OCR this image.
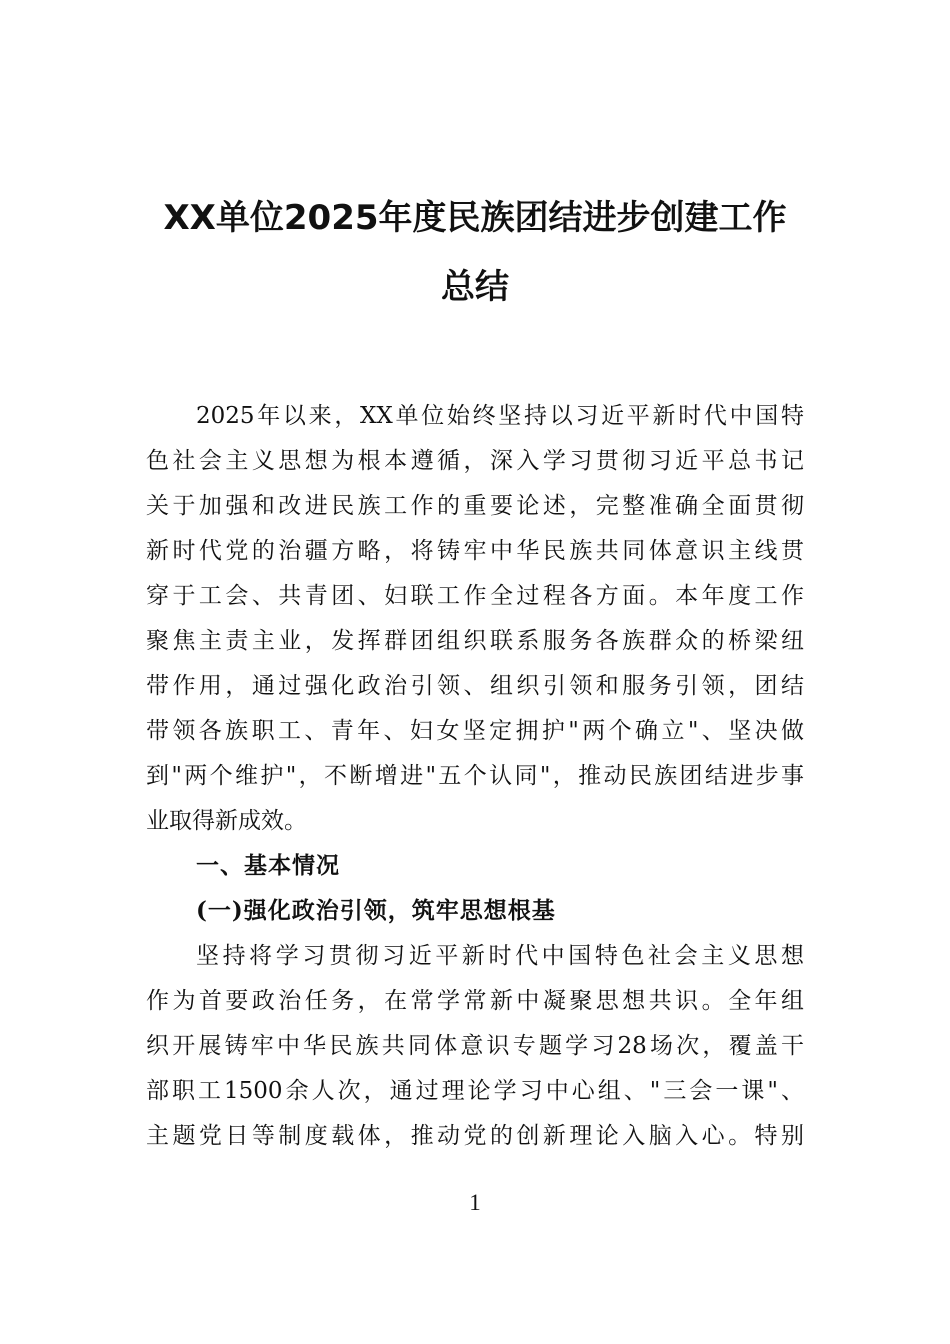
XX单位2025年度民族团结进步创建工作
总结

2025年以来，XX单位始终坚持以习近平新时代中国特

色社会主义思想为根本遵循，深入学习贯彻习近平总书记

关于加强和改进民族工作的重要论述，完整准确全面贯彻

新时代党的治疆方略，将铸牢中华民族共同体意识主线贯

穿于工会、共青团、妇联工作全过程各方面。本年度工作

聚焦主责主业，发挥群团组织联系服务各族群众的桥梁纽

带作用，通过强化政治引领、组织引领和服务引领，团结

带领各族职工、青年、妇女坚定拥护"两个确立"、坚决做

到"两个维护"，不断增进"五个认同"，推动民族团结进步事

业取得新成效。

一、基本情况
(一)强化政治引领，筑牢思想根基

坚持将学习贯彻习近平新时代中国特色社会主义思想

作为首要政治任务，在常学常新中凝聚思想共识。全年组

织开展铸牢中华民族共同体意识专题学习28场次，覆盖干

部职工1500余人次，通过理论学习中心组、"三会一课"、

主题党日等制度载体，推动党的创新理论入脑入心。特别

1
